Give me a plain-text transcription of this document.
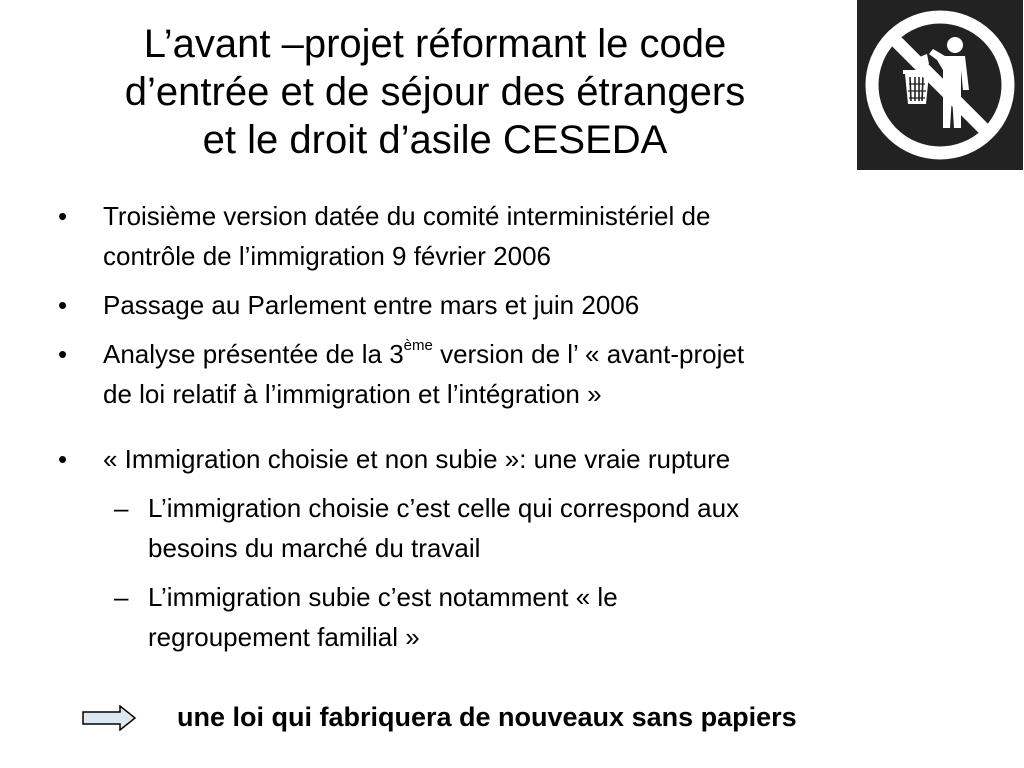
L’avant –projet réformant le code
d’entrée et de séjour des étrangers
et le droit d’asile CESEDA
• Troisième version datée du comité interministériel de

contrôle de l’immigration 9 février 2006

• Passage au Parlement entre mars et juin 2006

• Analyse présentée de la 3ème version de l’ « avant-projet

de loi relatif à l’immigration et l’intégration »

• « Immigration choisie et non subie »: une vraie rupture

– L’immigration choisie c’est celle qui correspond aux
besoins du marché du travail
– L’immigration subie c’est notamment « le
regroupement familial »
une loi qui fabriquera de nouveaux sans papiers
